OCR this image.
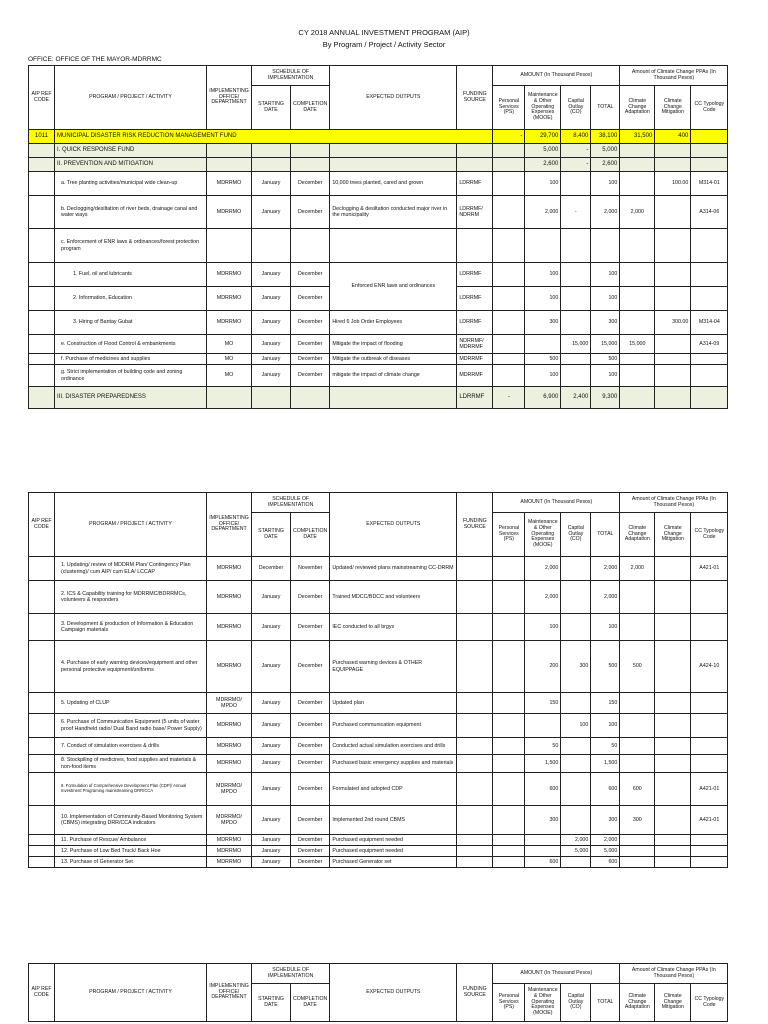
CY 2018 ANNUAL INVESTMENT PROGRAM (AIP)
By Program / Project / Activity Sector
OFFICE: OFFICE OF THE MAYOR-MDRRMC
AIP REF CODE	PROGRAM / PROJECT / ACTIVITY	IMPLEMENTING OFFICE/ DEPARTMENT	SCHEDULE OF IMPLEMENTATION		EXPECTED OUTPUTS	FUNDING SOURCE	AMOUNT (In Thousand Pesos)				Amount of Climate Change PPAs (In Thousand Pesos)		
			STARTING DATE	COMPLETION DATE			Personal Services (PS)	Maintenance & Other Operating Expenses (MOOE)	Capital Outlay (CO)	TOTAL	Climate Change Adaptation	Climate Change Mitigation	CC Typology Code

1011	MUNICIPAL DISASTER RISK REDUCTION MANAGEMENT FUND						-	29,700	8,400	38,100	31,500	400	
	I. QUICK RESPONSE FUND							5,000	-	5,000			
	II. PREVENTION AND MITIGATION							2,600	-	2,600			
	a. Tree planting activities/municipal wide clean-up	MDRRMO	January	December	10,000 trees planted, cared and grown	LDRRMF		100		100		100.00	M314-01
	b. Declogging/desiltation of river beds, drainage canal and water ways	MDRRMO	January	December	Declogging & desiltation conducted major river in the municipality	LDRRMF/ NDRRM		2,000	-	2,000	2,000		A314-06
	c. Enforcement of ENR laws & ordinances/forest protection program												
	1. Fuel, oil and lubricants	MDRRMO	January	December	Enforced ENR laws and ordinances	LDRRMF		100		100			
	2. Information, Education	MDRRMO	January	December		LDRRMF		100		100			
	3. Hiring of Bantay Gubat	MDRRMO	January	December	Hired 6 Job Order Employees	LDRRMF		300		300		300.00	M314-04
	e. Construction of Flood Control & embankments	MO	January	December	Mitigate the impact of flooding	NDRRMF/ MDRRMF			15,000	15,000	15,000		A314-09
	f. Purchase of medicines and supplies	MO	January	December	Mitigate the outbreak of diseases	MDRRMF		500		500			
	g. Strict implementation of building code and zoning ordinance	MO	January	December	mitigate the impact of climate change	MDRRMF		100		100			
	III. DISASTER PREPAREDNESS					LDRRMF	-	6,900	2,400	9,300			
AIP REF CODE	PROGRAM / PROJECT / ACTIVITY	IMPLEMENTING OFFICE/ DEPARTMENT	SCHEDULE OF IMPLEMENTATION		EXPECTED OUTPUTS	FUNDING SOURCE	AMOUNT (In Thousand Pesos)				Amount of Climate Change PPAs (In Thousand Pesos)		
			STARTING DATE	COMPLETION DATE			Personal Services (PS)	Maintenance & Other Operating Expenses (MOOE)	Capital Outlay (CO)	TOTAL	Climate Change Adaptation	Climate Change Mitigation	CC Typology Code

	1. Updating/ review of MDDRM Plan/ Contingency Plan (clustering)/ cum AIP/ cum ELA/ LCCAP	MDRRMO	December	November	Updated/ reviewed plans mainstreaming CC-DRRM			2,000		2,000	2,000		A421-01
	2. ICS & Capability training for MDRRMC/BDRRMCs, volunteers & responders	MDRRMO	January	December	Trained MDCC/BDCC and volunteers			2,000		2,000			
	3. Development & production of Information & Education Campaign materials	MDRRMO	January	December	IEC conducted to all brgys			100		100			
	4. Purchase of early warning devices/equipment and other personal protective equipment/uniforms	MDRRMO	January	December	Purchased warning devices & OTHER EQUIPPAGE			200	300	500	500		A424-10
	5. Updating of CLUP	MDRRMO/ MPDO	January	December	Updated plan			150		150			
	6. Purchase of Communication Equipment (5 units of water proof Handheld radio/ Dual Band radio base/ Power Supply)	MDRRMO	January	December	Purchased communication equipment				100	100			
	7. Conduct of simulation exercises & drills	MDRRMO	January	December	Conducted actual simulation exercises and drills			50		50			
	8. Stockpiling of medicines, food supplies and materials & non-food items	MDRRMO	January	December	Purchased basic emergency supplies and materials			1,500		1,500			
	9. Formulation of Comprehensive Development Plan (CDP)/ Annual Investment Programing mainstreaming DRR/CCA	MDRRMO/ MPDO	January	December	Formulated and adopted CDP			600		600	600		A421-01
	10. Implementation of Community-Based Monitoring System (CBMS) integrating DRR/CCA indicators	MDRRMO/ MPDO	January	December	Implemented 2nd round CBMS			300		300	300		A421-01
	11. Purchase of Rescue/ Ambulance	MDRRMO	January	December	Purchased equipment needed				2,000	2,000			
	12. Purchase of Low Bed Truck/ Back Hoe	MDRRMO	January	December	Purchased equipment needed				5,000	5,000			
	13. Purchase of Generator Set	MDRRMO	January	December	Purchased Generator set			600		600			
AIP REF CODE	PROGRAM / PROJECT / ACTIVITY	IMPLEMENTING OFFICE/ DEPARTMENT	SCHEDULE OF IMPLEMENTATION		EXPECTED OUTPUTS	FUNDING SOURCE	AMOUNT (In Thousand Pesos)				Amount of Climate Change PPAs (In Thousand Pesos)		
			STARTING DATE	COMPLETION DATE			Personal Services (PS)	Maintenance & Other Operating Expenses (MOOE)	Capital Outlay (CO)	TOTAL	Climate Change Adaptation	Climate Change Mitigation	CC Typology Code
